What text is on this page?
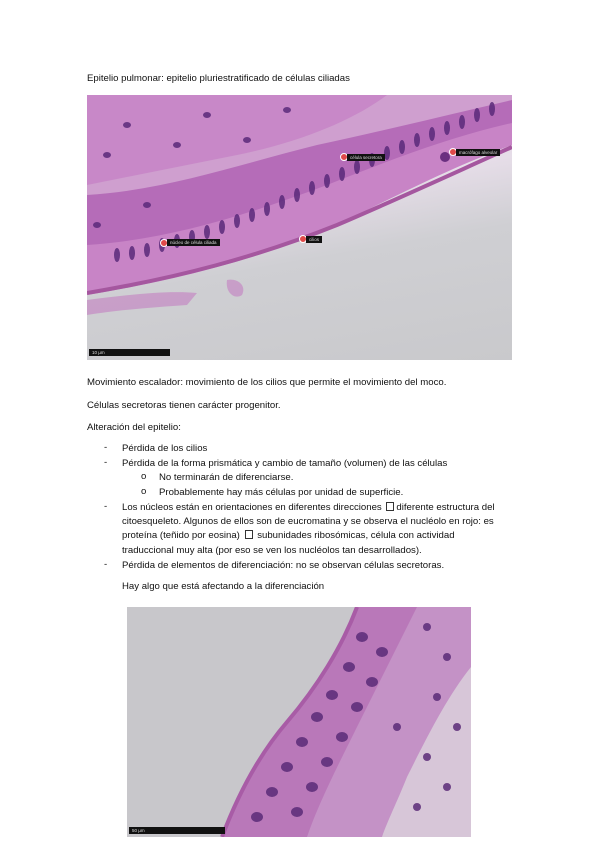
Epitelio pulmonar: epitelio pluriestratificado de células ciliadas
célula secretora
macrófago alveolar
núcleo de célula ciliada
cilios
10 µm
Movimiento escalador: movimiento de los cilios que permite el movimiento del moco.
Células secretoras tienen carácter progenitor.
Alteración del epitelio:
- Pérdida de los cilios
- Pérdida de la forma prismática y cambio de tamaño (volumen) de las células
o No terminarán de diferenciarse.
o Probablemente hay más células por unidad de superficie.
- Los núcleos están en orientaciones en diferentes direcciones diferente estructura del
citoesqueleto. Algunos de ellos son de eucromatina y se observa el nucléolo en rojo: es
proteína (teñido por eosina) subunidades ribosómicas, célula con actividad
traduccional muy alta (por eso se ven los nucléolos tan desarrollados).
- Pérdida de elementos de diferenciación: no se observan células secretoras.
Hay algo que está afectando a la diferenciación
50 µm
